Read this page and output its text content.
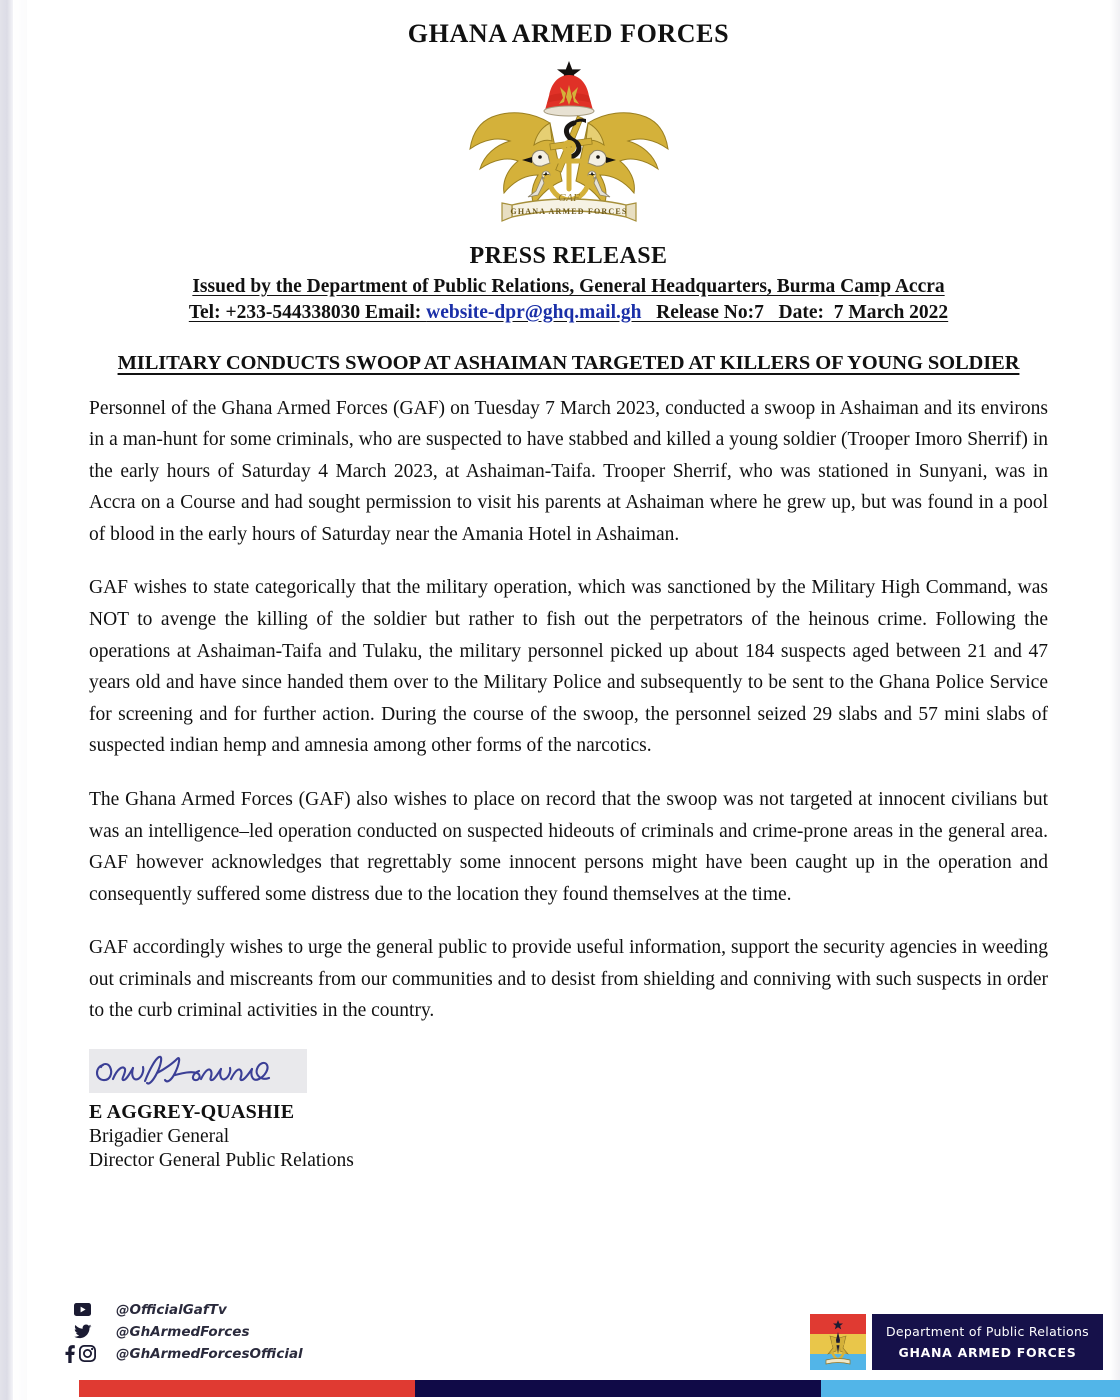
GHANA ARMED FORCES
GHANA ARMED FORCES
GAF
PRESS RELEASE
Issued by the Department of Public Relations, General Headquarters, Burma Camp Accra
Tel: +233-544338030 Email: website-dpr@ghq.mail.gh   Release No:7   Date:  7 March 2022
MILITARY CONDUCTS SWOOP AT ASHAIMAN TARGETED AT KILLERS OF YOUNG SOLDIER

Personnel of the Ghana Armed Forces (GAF) on Tuesday 7 March 2023, conducted a swoop in Ashaiman and its environs in a man-hunt for some criminals, who are suspected to have stabbed and killed a young soldier (Trooper Imoro Sherrif) in the early hours of Saturday 4 March 2023, at Ashaiman-Taifa. Trooper Sherrif, who was stationed in Sunyani, was in Accra on a Course and had sought permission to visit his parents at Ashaiman where he grew up, but was found in a pool of blood in the early hours of Saturday near the Amania Hotel in Ashaiman.

GAF wishes to state categorically that the military operation, which was sanctioned by the Military High Command, was NOT to avenge the killing of the soldier but rather to fish out the perpetrators of the heinous crime. Following the operations at Ashaiman-Taifa and Tulaku, the military personnel picked up about 184 suspects aged between 21 and 47 years old and have since handed them over to the Military Police and subsequently to be sent to the Ghana Police Service for screening and for further action. During the course of the swoop, the personnel seized 29 slabs and 57 mini slabs of suspected indian hemp and amnesia among other forms of the narcotics.

The Ghana Armed Forces (GAF) also wishes to place on record that the swoop was not targeted at innocent civilians but was an intelligence–led operation conducted on suspected hideouts of criminals and crime-prone areas in the general area. GAF however acknowledges that regrettably some innocent persons might have been caught up in the operation and consequently suffered some distress due to the location they found themselves at the time.

GAF accordingly wishes to urge the general public to provide useful information, support the security agencies in weeding out criminals and miscreants from our communities and to desist from shielding and conniving with such suspects in order to the curb criminal activities in the country.

E AGGREY-QUASHIE
Brigadier General
Director General Public Relations
@OfficialGafTv
@GhArmedForces
@GhArmedForcesOfficial
Department of Public Relations
GHANA ARMED FORCES
